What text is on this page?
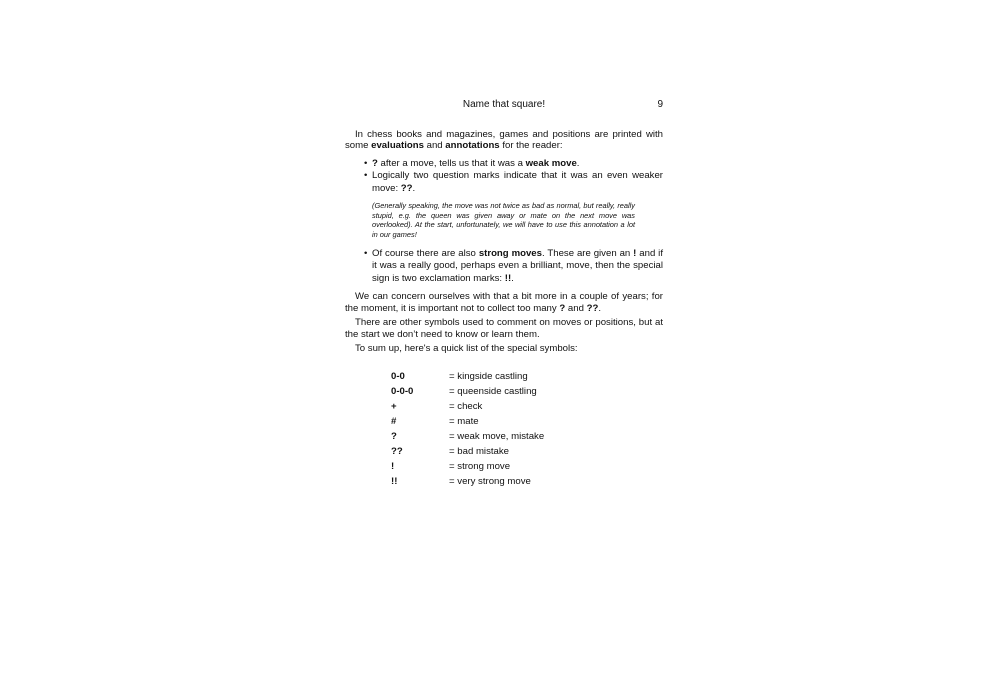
Name that square!	9

In chess books and magazines, games and positions are printed with some evaluations and annotations for the reader:

• ? after a move, tells us that it was a weak move.
• Logically two question marks indicate that it was an even weaker move: ??.

(Generally speaking, the move was not twice as bad as normal, but really, really stupid, e.g. the queen was given away or mate on the next move was overlooked). At the start, unfortunately, we will have to use this annotation a lot in our games!

• Of course there are also strong moves. These are given an ! and if it was a really good, perhaps even a brilliant, move, then the special sign is two exclamation marks: !!.

We can concern ourselves with that a bit more in a couple of years; for the moment, it is important not to collect too many ? and ??.

There are other symbols used to comment on moves or positions, but at the start we don’t need to know or learn them.

To sum up, here's a quick list of the special symbols:

0-0	= kingside castling
0-0-0	= queenside castling
+	= check
#	= mate
?	= weak move, mistake
??	= bad mistake
!	= strong move
!!	= very strong move
